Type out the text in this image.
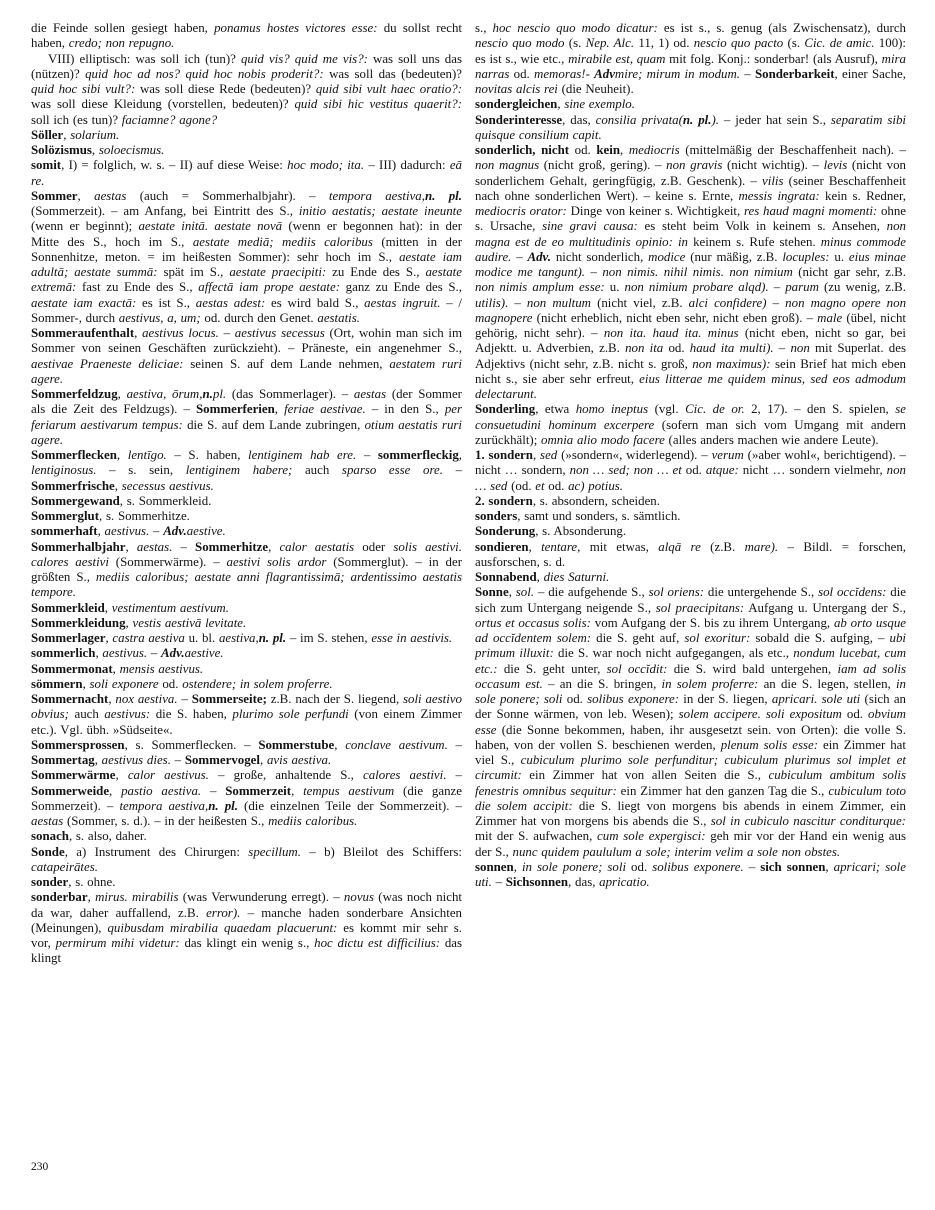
die Feinde sollen gesiegt haben, ponamus hostes victores esse: du sollst recht haben, credo; non repugno.

VIII) elliptisch: was soll ich (tun)? quid vis? quid me vis?: was soll uns das (nützen)? quid hoc ad nos? quid hoc nobis proderit?: was soll das (bedeuten)? quid hoc sibi vult?: was soll diese Rede (bedeuten)? quid sibi vult haec oratio?: was soll diese Kleidung (vorstellen, bedeuten)? quid sibi hic vestitus quaerit?: soll ich (es tun)? faciamne? agone?

Söller, solarium.

Solözismus, soloecismus.

somit, I) = folglich, w. s. – II) auf diese Weise: hoc modo; ita. – III) dadurch: eā re.

Sommer, aestas (auch = Sommerhalbjahr). – tempora aestiva,n. pl. (Sommerzeit). – am Anfang, bei Eintritt des S., initio aestatis; aestate ineunte (wenn er beginnt); aestate initā. aestate novā (wenn er begonnen hat): in der Mitte des S., hoch im S., aestate mediā; mediis caloribus (mitten in der Sonnenhitze, meton. = im heißesten Sommer): sehr hoch im S., aestate iam adultā; aestate summā: spät im S., aestate praecipiti: zu Ende des S., aestate extremā: fast zu Ende des S., affectā iam prope aestate: ganz zu Ende des S., aestate iam exactā: es ist S., aestas adest: es wird bald S., aestas ingruit. – / Sommer-, durch aestivus, a, um; od. durch den Genet. aestatis.

Sommeraufenthalt, aestivus locus. – aestivus secessus (Ort, wohin man sich im Sommer von seinen Geschäften zurückzieht). – Präneste, ein angenehmer S., aestivae Praeneste deliciae: seinen S. auf dem Lande nehmen, aestatem ruri agere.

Sommerfeldzug, aestiva, ōrum,n.pl. (das Sommerlager). – aestas (der Sommer als die Zeit des Feldzugs). – Sommerferien, feriae aestivae. – in den S., per feriarum aestivarum tempus: die S. auf dem Lande zubringen, otium aestatis ruri agere.

Sommerflecken, lentīgo. – S. haben, lentiginem hab ere. – sommerfleckig, lentiginosus. – s. sein, lentiginem habere; auch sparso esse ore. – Sommerfrische, secessus aestivus.

Sommergewand, s. Sommerkleid.

Sommerglut, s. Sommerhitze.

sommerhaft, aestivus. – Adv.aestive.

Sommerhalbjahr, aestas. – Sommerhitze, calor aestatis oder solis aestivi. calores aestivi (Sommerwärme). – aestivi solis ardor (Sommerglut). – in der größten S., mediis caloribus; aestate anni flagrantissimā; ardentissimo aestatis tempore.

Sommerkleid, vestimentum aestivum.

Sommerkleidung, vestis aestivā levitate.

Sommerlager, castra aestiva u. bl. aestiva,n. pl. – im S. stehen, esse in aestivis.

sommerlich, aestivus. – Adv.aestive.

Sommermonat, mensis aestivus.

sömmern, soli exponere od. ostendere; in solem proferre.

Sommernacht, nox aestiva. – Sommerseite; z.B. nach der S. liegend, soli aestivo obvius; auch aestivus: die S. haben, plurimo sole perfundi (von einem Zimmer etc.). Vgl. übh. »Südseite«.

Sommersprossen, s. Sommerflecken. – Sommerstube, conclave aestivum. – Sommertag, aestivus dies. – Sommervogel, avis aestiva.

Sommerwärme, calor aestivus. – große, anhaltende S., calores aestivi. – Sommerweide, pastio aestiva. – Sommerzeit, tempus aestivum (die ganze Sommerzeit). – tempora aestiva,n. pl. (die einzelnen Teile der Sommerzeit). – aestas (Sommer, s. d.). – in der heißesten S., mediis caloribus.

sonach, s. also, daher.

Sonde, a) Instrument des Chirurgen: specillum. – b) Bleilot des Schiffers: catapeirātes.

sonder, s. ohne.

sonderbar, mirus. mirabilis (was Verwunderung erregt). – novus (was noch nicht da war, daher auffallend, z.B. error). – manche haden sonderbare Ansichten (Meinungen), quibusdam mirabilia quaedam placuerunt: es kommt mir sehr s. vor, permirum mihi videtur: das klingt ein wenig s., hoc dictu est difficilius: das klingt

s., hoc nescio quo modo dicatur: es ist s., s. genug (als Zwischensatz), durch nescio quo modo (s. Nep. Alc. 11, 1) od. nescio quo pacto (s. Cic. de amic. 100): es ist s., wie etc., mirabile est, quam mit folg. Konj.: sonderbar! (als Ausruf), mira narras od. memoras!- Advmire; mirum in modum. – Sonderbarkeit, einer Sache, novitas alcis rei (die Neuheit).

sondergleichen, sine exemplo.

Sonderinteresse, das, consilia privata(n. pl.). – jeder hat sein S., separatim sibi quisque consilium capit.

sonderlich, nicht od. kein, mediocris (mittelmäßig der Beschaffenheit nach). – non magnus (nicht groß, gering). – non gravis (nicht wichtig). – levis (nicht von sonderlichem Gehalt, geringfügig, z.B. Geschenk). – vilis (seiner Beschaffenheit nach ohne sonderlichen Wert). – keine s. Ernte, messis ingrata: kein s. Redner, mediocris orator: Dinge von keiner s. Wichtigkeit, res haud magni momenti: ohne s. Ursache, sine gravi causa: es steht beim Volk in keinem s. Ansehen, non magna est de eo multitudinis opinio: in keinem s. Rufe stehen. minus commode audire. – Adv. nicht sonderlich, modice (nur mäßig, z.B. locuples: u. eius minae modice me tangunt). – non nimis. nihil nimis. non nimium (nicht gar sehr, z.B. non nimis amplum esse: u. non nimium probare alqd). – parum (zu wenig, z.B. utilis). – non multum (nicht viel, z.B. alci confidere) – non magno opere non magnopere (nicht erheblich, nicht eben sehr, nicht eben groß). – male (übel, nicht gehörig, nicht sehr). – non ita. haud ita. minus (nicht eben, nicht so gar, bei Adjektt. u. Adverbien, z.B. non ita od. haud ita multi). – non mit Superlat. des Adjektivs (nicht sehr, z.B. nicht s. groß, non maximus): sein Brief hat mich eben nicht s., sie aber sehr erfreut, eius litterae me quidem minus, sed eos admodum delectarunt.

Sonderling, etwa homo ineptus (vgl. Cic. de or. 2, 17). – den S. spielen, se consuetudini hominum excerpere (sofern man sich vom Umgang mit andern zurückhält); omnia alio modo facere (alles anders machen wie andere Leute).

1. sondern, sed (»sondern«, widerlegend). – verum (»aber wohl«, berichtigend). – nicht … sondern, non … sed; non … et od. atque: nicht … sondern vielmehr, non … sed (od. et od. ac) potius.

2. sondern, s. absondern, scheiden.

sonders, samt und sonders, s. sämtlich.

Sonderung, s. Absonderung.

sondieren, tentare, mit etwas, alqā re (z.B. mare). – Bildl. = forschen, ausforschen, s. d.

Sonnabend, dies Saturni.

Sonne, sol. – die aufgehende S., sol oriens: die untergehende S., sol occĭdens: die sich zum Untergang neigende S., sol praecipitans: Aufgang u. Untergang der S., ortus et occasus solis: vom Aufgang der S. bis zu ihrem Untergang, ab orto usque ad occĭdentem solem: die S. geht auf, sol exoritur: sobald die S. aufging, – ubi primum illuxit: die S. war noch nicht aufgegangen, als etc., nondum lucebat, cum etc.: die S. geht unter, sol occĭdit: die S. wird bald untergehen, iam ad solis occasum est. – an die S. bringen, in solem proferre: an die S. legen, stellen, in sole ponere; soli od. solibus exponere: in der S. liegen, apricari. sole uti (sich an der Sonne wärmen, von leb. Wesen); solem accipere. soli expositum od. obvium esse (die Sonne bekommen, haben, ihr ausgesetzt sein. von Orten): die volle S. haben, von der vollen S. beschienen werden, plenum solis esse: ein Zimmer hat viel S., cubiculum plurimo sole perfunditur; cubiculum plurimus sol implet et circumit: ein Zimmer hat von allen Seiten die S., cubiculum ambitum solis fenestris omnibus sequitur: ein Zimmer hat den ganzen Tag die S., cubiculum toto die solem accipit: die S. liegt von morgens bis abends in einem Zimmer, ein Zimmer hat von morgens bis abends die S., sol in cubiculo nascitur conditurque: mit der S. aufwachen, cum sole expergisci: geh mir vor der Hand ein wenig aus der S., nunc quidem paululum a sole; interim velim a sole non obstes.

sonnen, in sole ponere; soli od. solibus exponere. – sich sonnen, apricari; sole uti. – Sichsonnen, das, apricatio.

230
